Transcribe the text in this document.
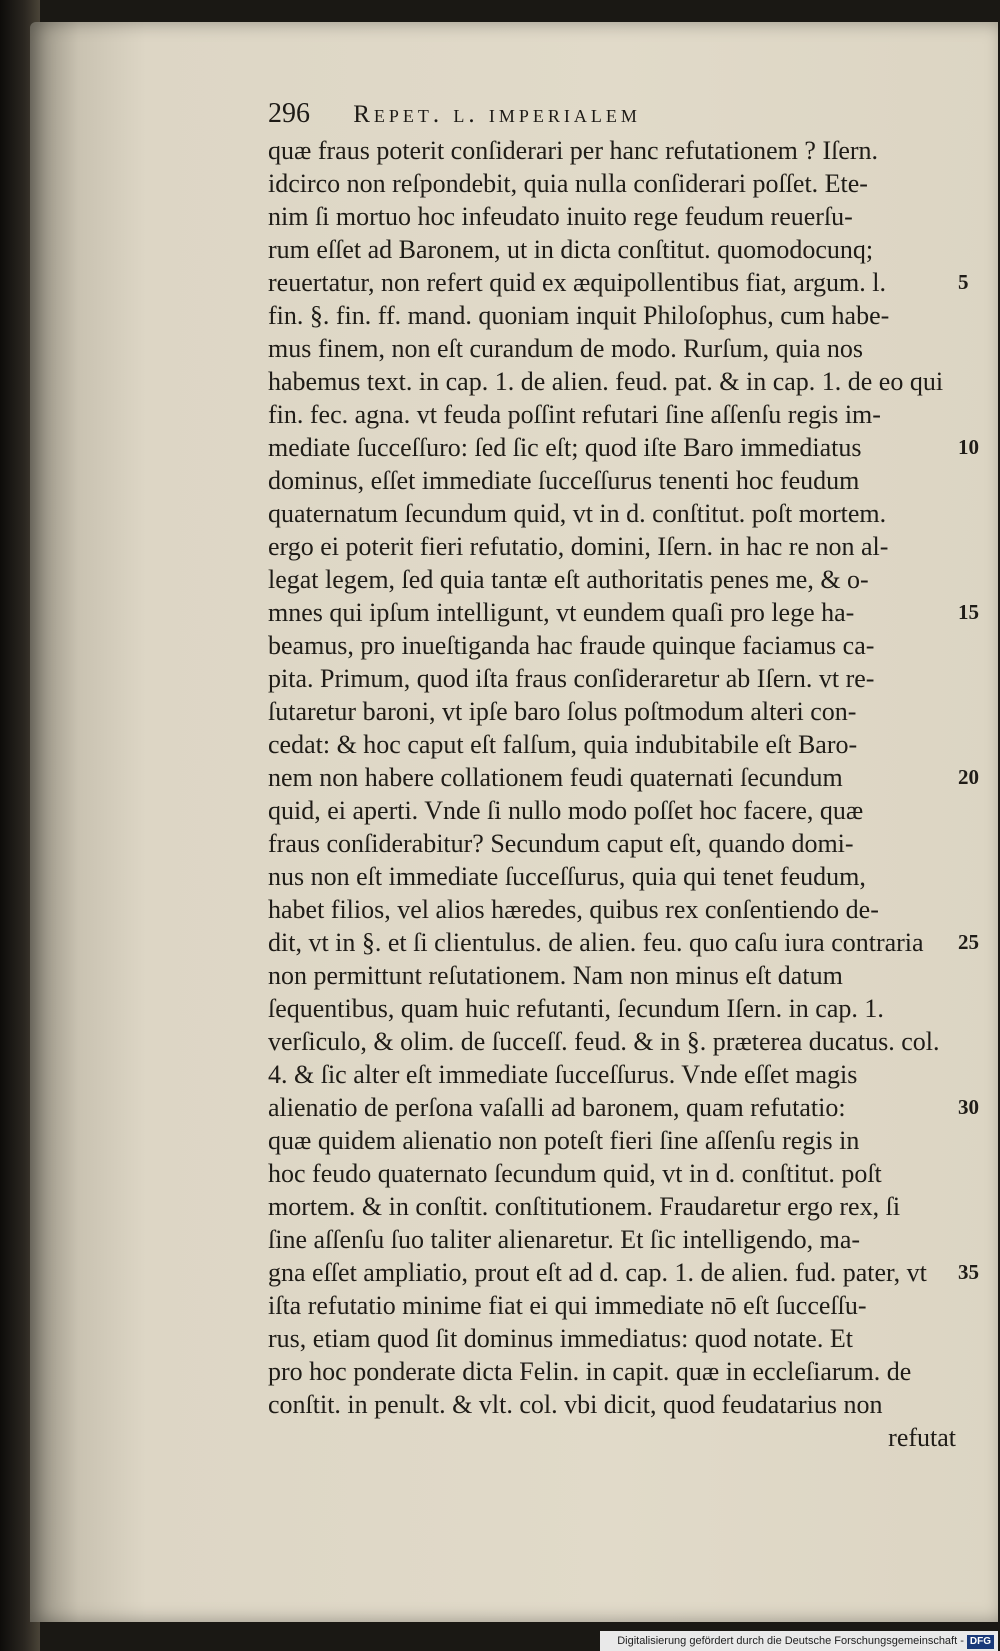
296 Repet. l. imperialem
quæ fraus poterit conſiderari per hanc refutationem ? Iſern.
idcirco non reſpondebit, quia nulla conſiderari poſſet. Ete-
nim ſi mortuo hoc infeudato inuito rege feudum reuerſu-
rum eſſet ad Baronem, ut in dicta conſtitut. quomodocunq;
reuertatur, non refert quid ex æquipollentibus fiat, argum. l.
fin. §. fin. ff. mand. quoniam inquit Philoſophus, cum habe-
mus finem, non eſt curandum de modo. Rurſum, quia nos
habemus text. in cap. 1. de alien. feud. pat. & in cap. 1. de eo qui
fin. fec. agna. vt feuda poſſint refutari ſine aſſenſu regis im-
mediate ſucceſſuro: ſed ſic eſt; quod iſte Baro immediatus
dominus, eſſet immediate ſucceſſurus tenenti hoc feudum
quaternatum ſecundum quid, vt in d. conſtitut. poſt mortem.
ergo ei poterit fieri refutatio, domini, Iſern. in hac re non al-
legat legem, ſed quia tantæ eſt authoritatis penes me, & o-
mnes qui ipſum intelligunt, vt eundem quaſi pro lege ha-
beamus, pro inueſtiganda hac fraude quinque faciamus ca-
pita. Primum, quod iſta fraus conſideraretur ab Iſern. vt re-
ſutaretur baroni, vt ipſe baro ſolus poſtmodum alteri con-
cedat: & hoc caput eſt falſum, quia indubitabile eſt Baro-
nem non habere collationem feudi quaternati ſecundum
quid, ei aperti. Vnde ſi nullo modo poſſet hoc facere, quæ
fraus conſiderabitur? Secundum caput eſt, quando domi-
nus non eſt immediate ſucceſſurus, quia qui tenet feudum,
habet filios, vel alios hæredes, quibus rex conſentiendo de-
dit, vt in §. et ſi clientulus. de alien. feu. quo caſu iura contraria
non permittunt reſutationem. Nam non minus eſt datum
ſequentibus, quam huic refutanti, ſecundum Iſern. in cap. 1.
verſiculo, & olim. de ſucceſſ. feud. & in §. præterea ducatus. col.
4. & ſic alter eſt immediate ſucceſſurus. Vnde eſſet magis
alienatio de perſona vaſalli ad baronem, quam refutatio:
quæ quidem alienatio non poteſt fieri ſine aſſenſu regis in
hoc feudo quaternato ſecundum quid, vt in d. conſtitut. poſt
mortem. & in conſtit. conſtitutionem. Fraudaretur ergo rex, ſi
ſine aſſenſu ſuo taliter alienaretur. Et ſic intelligendo, ma-
gna eſſet ampliatio, prout eſt ad d. cap. 1. de alien. fud. pater, vt
iſta refutatio minime fiat ei qui immediate nō eſt ſucceſſu-
rus, etiam quod ſit dominus immediatus: quod notate. Et
pro hoc ponderate dicta Felin. in capit. quæ in eccleſiarum. de
conſtit. in penult. & vlt. col. vbi dicit, quod feudatarius non
refutat
Digitalisierung gefördert durch die Deutsche Forschungsgemeinschaft - DFG
5
10
15
20
25
30
35
